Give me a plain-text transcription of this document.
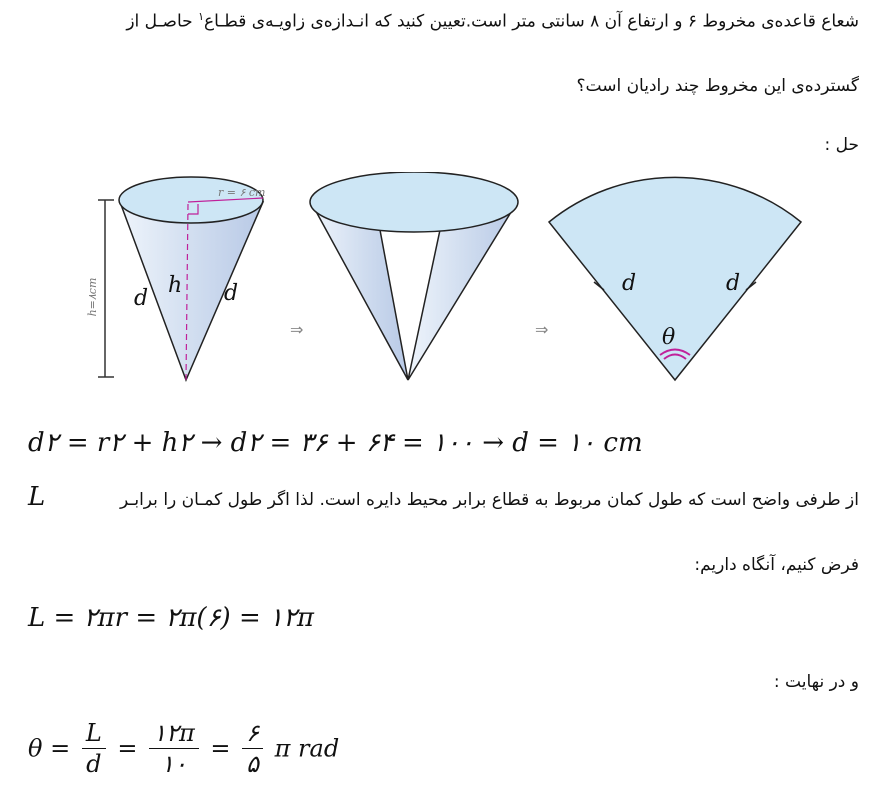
شعاع قاعده‌ی مخروط ۶ و ارتفاع آن ۸ سانتی متر است.تعیین کنید که انـدازه‌ی زاویـه‌ی قطـاع$^۱$ حاصـل از
گسترده‌ی این مخروط چند رادیان است؟
حل :
h=۸cm
r = ۶ cm
h
d	d
⇒	⇒
d	d
θ
d۲ = r۲ + h۲ → d۲ = ۳۶ + ۶۴ = ۱۰۰ → d = ۱۰ cm
از طرفی واضح است که طول کمان مربوط به قطاع برابر محیط دایره است. لذا اگر طول کمـان را برابـر
L
فرض کنیم، آنگاه داریم:
L = ۲πr = ۲π(۶) = ۱۲π
و در نهایت :
$\theta = \frac{L}{d} = \frac{۱۲\pi}{۱۰} = \frac{۶}{۵}$ π rad
